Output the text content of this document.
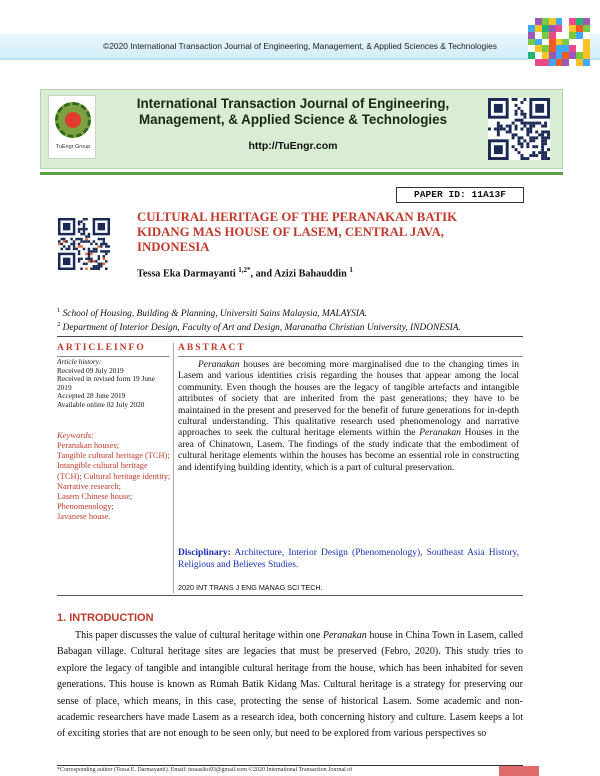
©2020 International Transaction Journal of Engineering, Management, & Applied Sciences & Technologies
TuEngr Group
International Transaction Journal of Engineering, Management, & Applied Science & Technologies
http://TuEngr.com
PAPER ID: 11A13F
CULTURAL HERITAGE OF THE PERANAKAN BATIK KIDANG MAS HOUSE OF LASEM, CENTRAL JAVA, INDONESIA
Tessa Eka Darmayanti $^{1,2*}$, and Azizi Bahauddin $^1$
$^1$ School of Housing, Building & Planning, Universiti Sains Malaysia, MALAYSIA.
$^2$ Department of Interior Design, Faculty of Art and Design, Maranatha Christian University, INDONESIA.
ARTICLEINFO
Article history:
Received 09 July 2019
Received in revised form 19 June 2019
Accepted 28 June 2019
Available online 02 July 2020
Keywords:
Peranakan houses;
Tangible cultural heritage (TCH);
Intangible cultural heritage (TCH); Cultural heritage identity;
Narrative research;
Lasem Chinese house;
Phenomenology;
Javanese house.
ABSTRACT

Peranakan houses are becoming more marginalised due to the changing times in Lasem and various identities crisis regarding the houses that appear among the local community. Even though the houses are the legacy of tangible artefacts and intangible attributes of society that are inherited from the past generations; they have to be maintained in the present and preserved for the benefit of future generations for in-depth cultural understanding. This qualitative research used phenomenology and narrative approaches to seek the cultural heritage elements within the Peranakan Houses in the area of Chinatown, Lasem. The findings of the study indicate that the embodiment of cultural heritage elements within the houses has become an essential role in constructing and identifying building identity, which is a part of cultural preservation.

Disciplinary: Architecture, Interior Design (Phenomenology), Southeast Asia History, Religious and Believes Studies.
2020 INT TRANS J ENG MANAG SCI TECH.
1. INTRODUCTION

This paper discusses the value of cultural heritage within one Peranakan house in China Town in Lasem, called Babagan village. Cultural heritage sites are legacies that must be preserved (Febro, 2020). This study tries to explore the legacy of tangible and intangible cultural heritage from the house, which has been inhabited for seven generations. This house is known as Rumah Batik Kidang Mas. Cultural heritage is a strategy for preserving our sense of place, which means, in this case, protecting the sense of historical Lasem. Some academic and non-academic researchers have made Lasem as a research idea, both concerning history and culture. Lasem keeps a lot of exciting stories that are not enough to be seen only, but need to be explored from various perspectives so

*Corresponding author (Tessa E. Darmayanti). Email: tessasiko93@gmail.com ©2020 International Transaction Journal of
